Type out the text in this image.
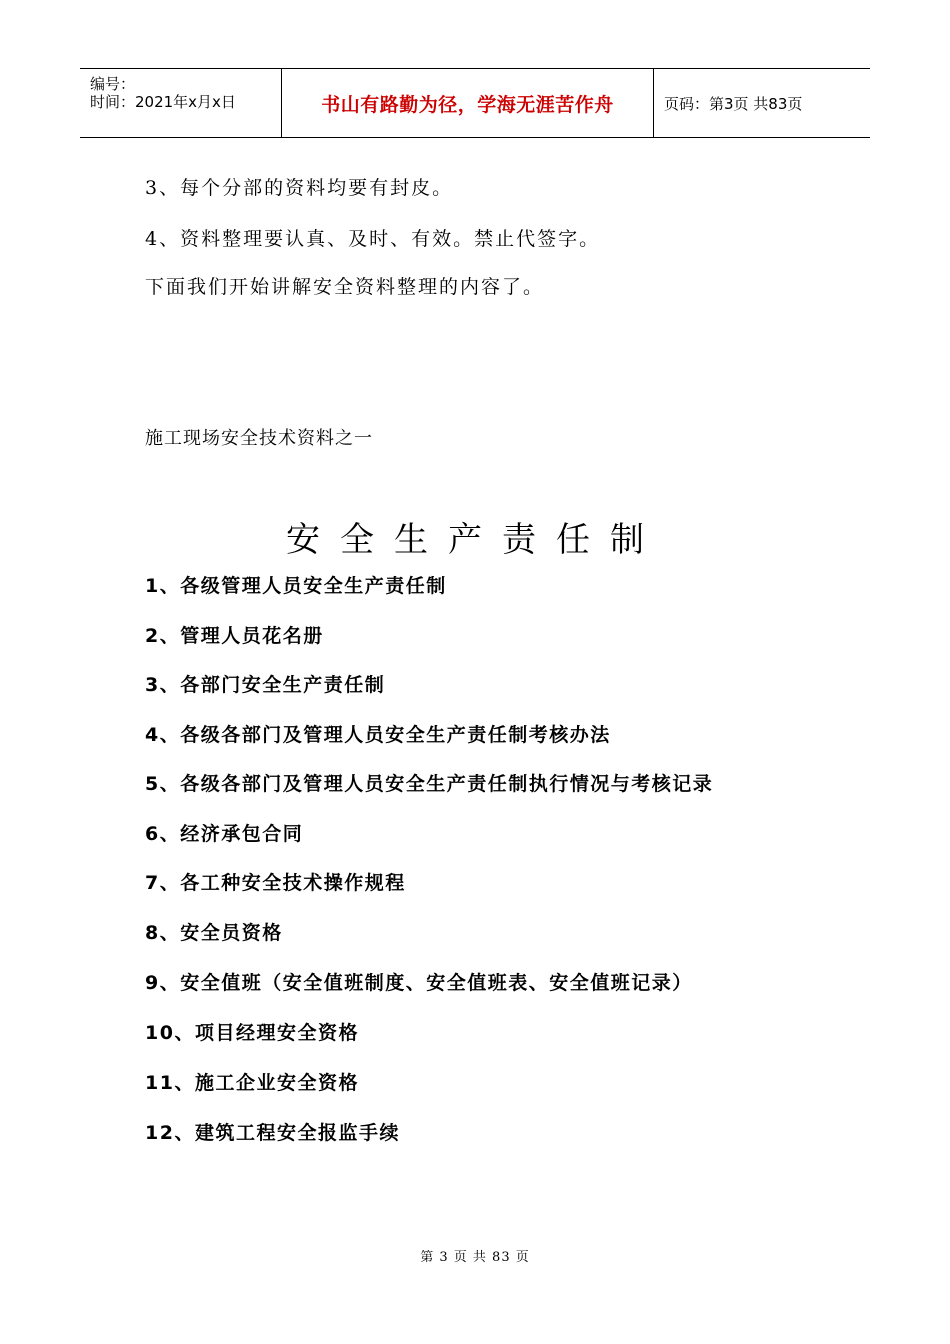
编号：
时间：2021年x月x日	书山有路勤为径，学海无涯苦作舟	页码：第3页 共83页
3、每个分部的资料均要有封皮。
4、资料整理要认真、及时、有效。禁止代签字。
下面我们开始讲解安全资料整理的内容了。
施工现场安全技术资料之一
安全生产责任制
1、各级管理人员安全生产责任制
2、管理人员花名册
3、各部门安全生产责任制
4、各级各部门及管理人员安全生产责任制考核办法
5、各级各部门及管理人员安全生产责任制执行情况与考核记录
6、经济承包合同
7、各工种安全技术操作规程
8、安全员资格
9、安全值班（安全值班制度、安全值班表、安全值班记录）
10、项目经理安全资格
11、施工企业安全资格
12、建筑工程安全报监手续
第 3 页 共 83 页
